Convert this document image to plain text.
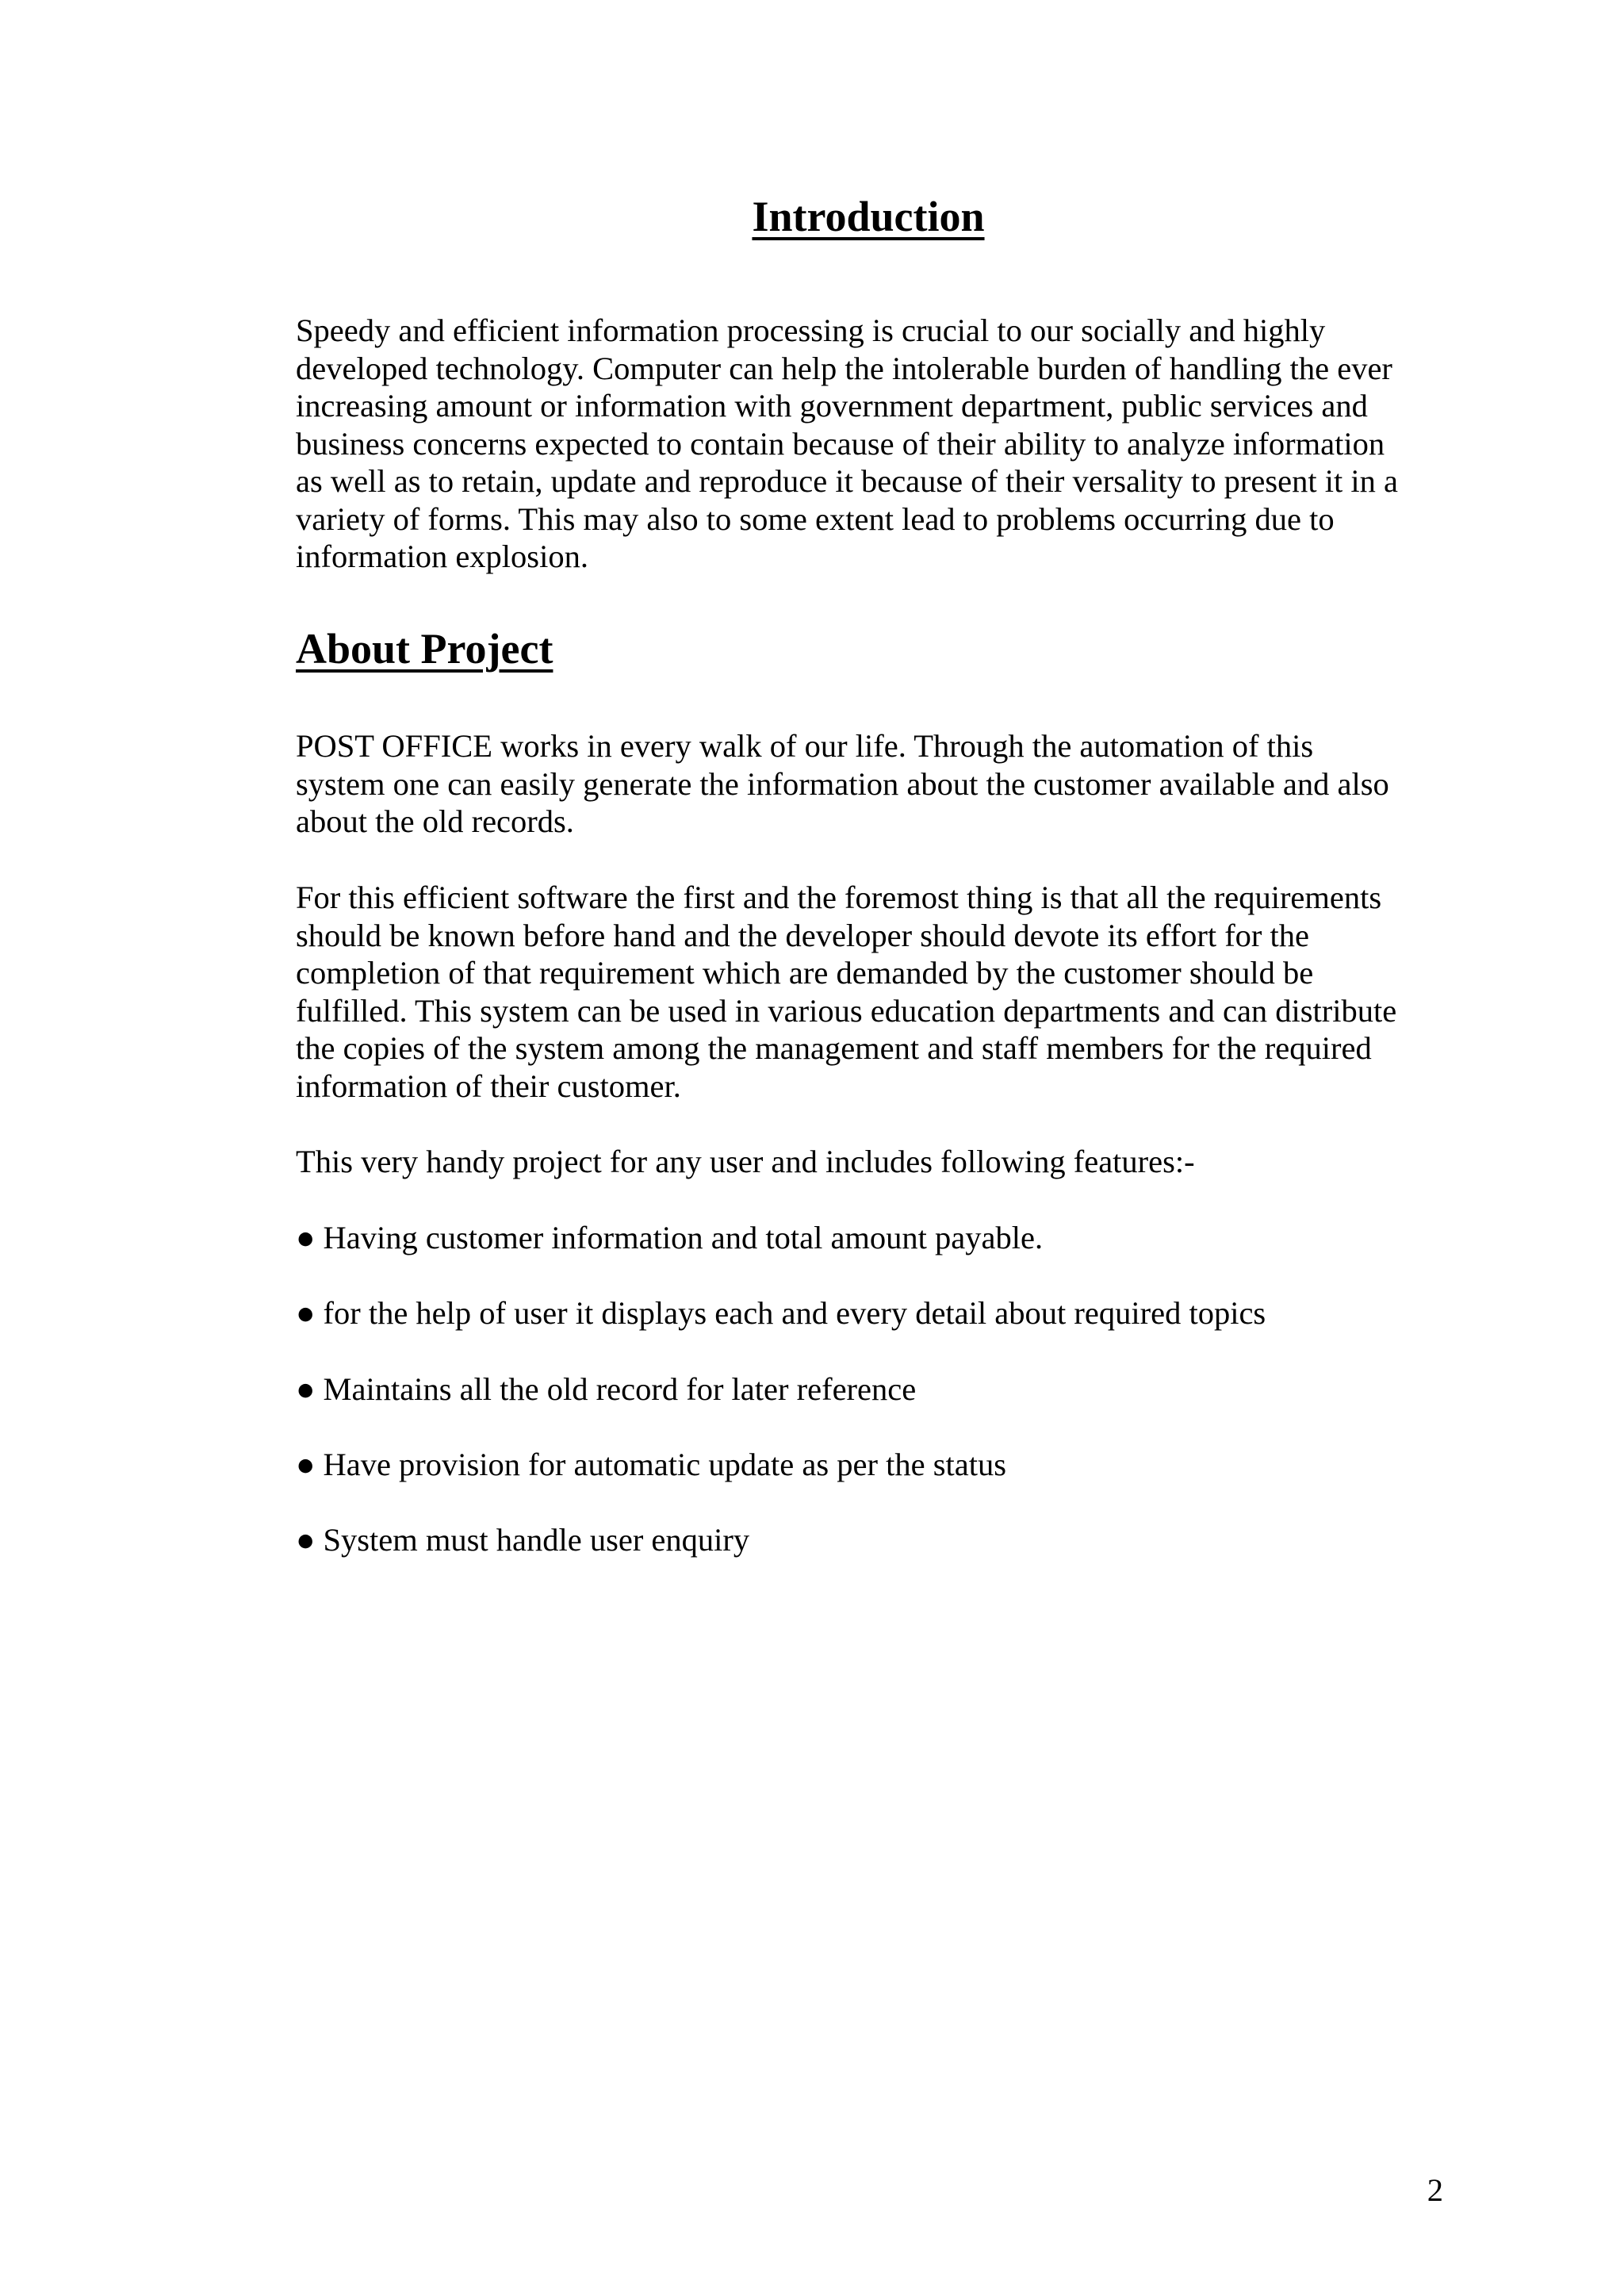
Introduction

Speedy and efficient information processing is crucial to our socially and highly
developed technology. Computer can help the intolerable burden of handling the ever
increasing amount or information with government department, public services and
business concerns expected to contain because of their ability to analyze information
as well as to retain, update and reproduce it because of their versality to present it in a
variety of forms. This may also to some extent lead to problems occurring due to
information explosion.

About Project

POST OFFICE works in every walk of our life. Through the automation of this
system one can easily generate the information about the customer available and also
about the old records.

For this efficient software the first and the foremost thing is that all the requirements
should be known before hand and the developer should devote its effort for the
completion of that requirement which are demanded by the customer should be
fulfilled. This system can be used in various education departments and can distribute
the copies of the system among the management and staff members for the required
information of their customer.

This very handy project for any user and includes following features:-

● Having customer information and total amount payable.

● for the help of user it displays each and every detail about required topics

● Maintains all the old record for later reference

● Have provision for automatic update as per the status

● System must handle user enquiry

2
